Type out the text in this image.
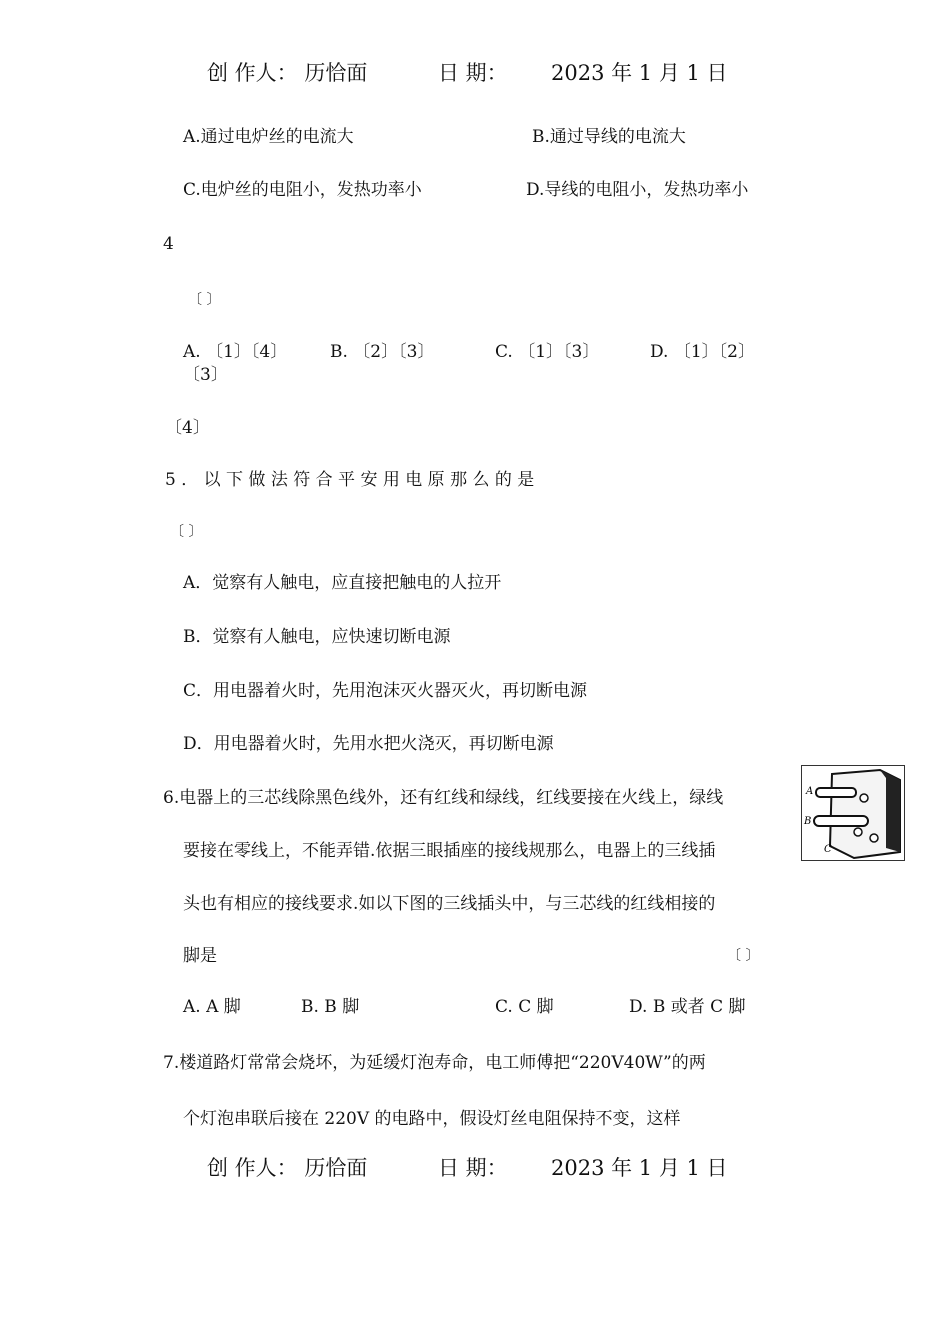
创 作人： 历恰面	日 期： 2023 年 1 月 1 日
A.通过电炉丝的电流大	B.通过导线的电流大
C.电炉丝的电阻小，发热功率小	D.导线的电阻小，发热功率小
4
〔 〕
A. 〔1〕〔4〕	B. 〔2〕〔3〕	C. 〔1〕〔3〕	D. 〔1〕〔2〕
〔3〕
〔4〕
5 ． 以 下 做 法 符 合 平 安 用 电 原 那 么 的 是
〔 〕
A．觉察有人触电，应直接把触电的人拉开
B．觉察有人触电，应快速切断电源
C．用电器着火时，先用泡沫灭火器灭火，再切断电源
D．用电器着火时，先用水把火浇灭，再切断电源
6.电器上的三芯线除黑色线外，还有红线和绿线，红线要接在火线上，绿线
要接在零线上，不能弄错.依据三眼插座的接线规那么，电器上的三线插
头也有相应的接线要求.如以下图的三线插头中，与三芯线的红线相接的
脚是	〔 〕
A. A 脚	B. B 脚	C. C 脚	D. B 或者 C 脚
A
B
C
7.楼道路灯常常会烧坏，为延缓灯泡寿命，电工师傅把“220V40W”的两
个灯泡串联后接在 220V 的电路中，假设灯丝电阻保持不变，这样
创 作人： 历恰面	日 期： 2023 年 1 月 1 日
